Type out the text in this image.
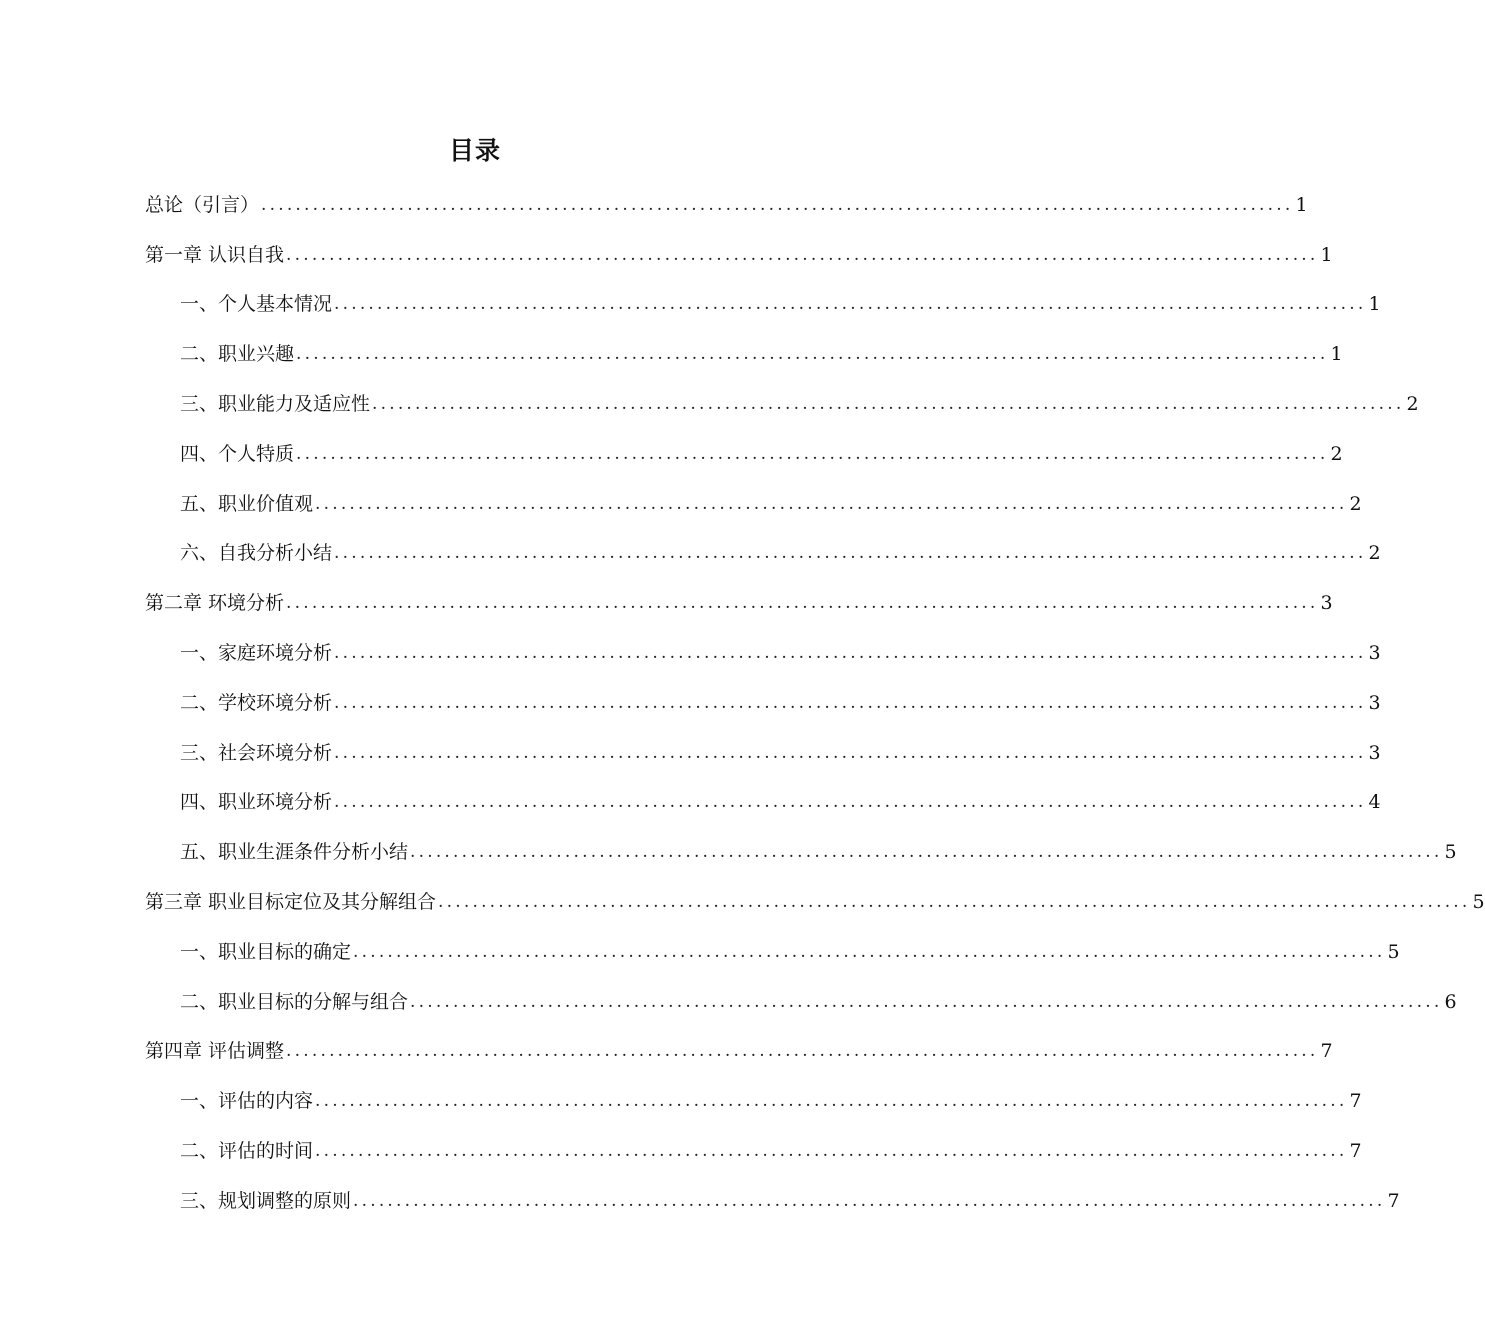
目录
总论（引言） ........................................................................................................................ 1
第一章 认识自我 ........................................................................................................................ 1
一、个人基本情况 ........................................................................................................................ 1
二、职业兴趣 ........................................................................................................................ 1
三、职业能力及适应性 ........................................................................................................................ 2
四、个人特质 ........................................................................................................................ 2
五、职业价值观 ........................................................................................................................ 2
六、自我分析小结 ........................................................................................................................ 2
第二章 环境分析 ........................................................................................................................ 3
一、家庭环境分析 ........................................................................................................................ 3
二、学校环境分析 ........................................................................................................................ 3
三、社会环境分析 ........................................................................................................................ 3
四、职业环境分析 ........................................................................................................................ 4
五、职业生涯条件分析小结 ........................................................................................................................ 5
第三章 职业目标定位及其分解组合 ........................................................................................................................ 5
一、职业目标的确定 ........................................................................................................................ 5
二、职业目标的分解与组合 ........................................................................................................................ 6
第四章 评估调整 ........................................................................................................................ 7
一、评估的内容 ........................................................................................................................ 7
二、评估的时间 ........................................................................................................................ 7
三、规划调整的原则 ........................................................................................................................ 7
